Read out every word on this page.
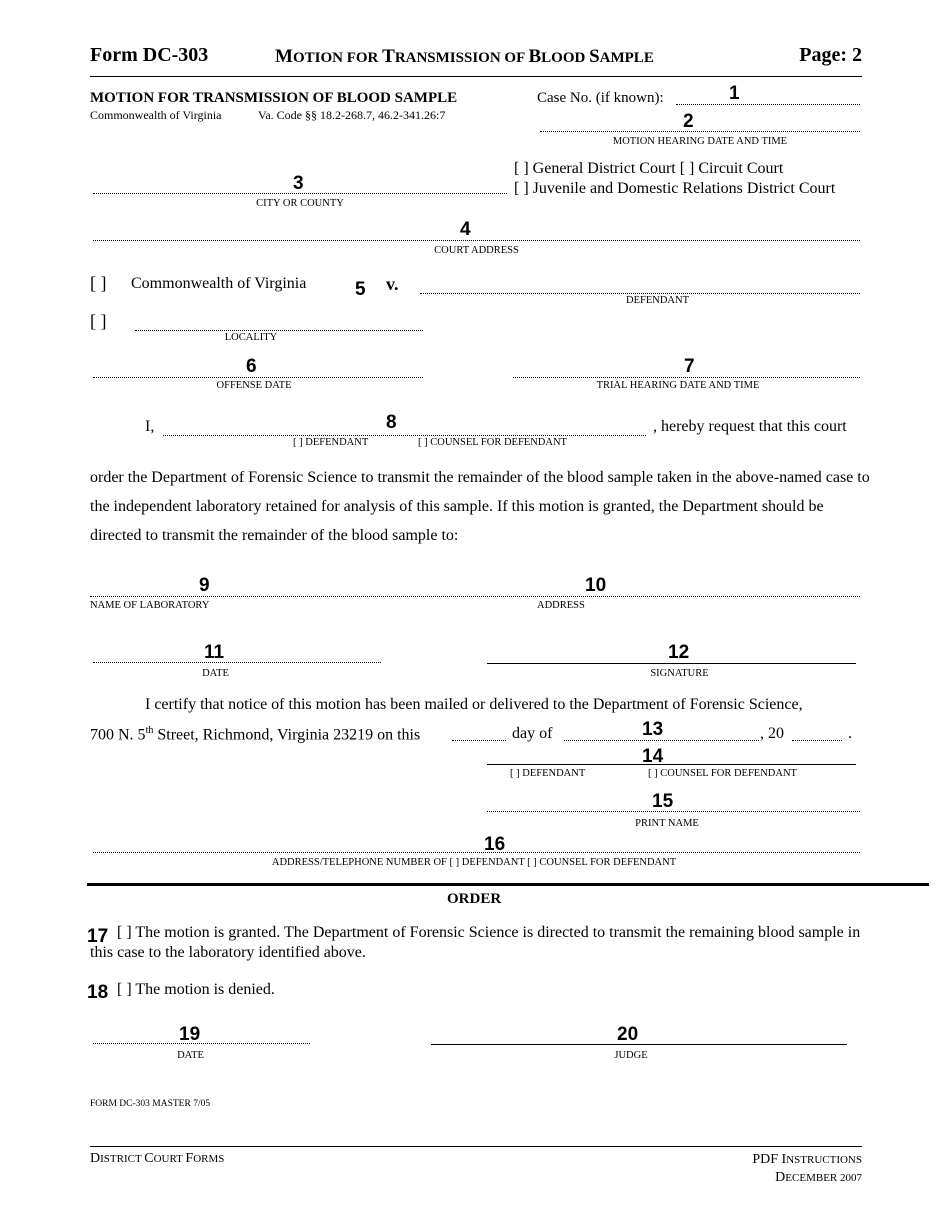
Form DC-303	MOTION FOR TRANSMISSION OF BLOOD SAMPLE	Page: 2
MOTION FOR TRANSMISSION OF BLOOD SAMPLE
Commonwealth of Virginia	Va. Code §§ 18.2-268.7, 46.2-341.26:7
Case No. (if known):	1
2
MOTION HEARING DATE AND TIME
[ ] General District Court [ ] Circuit Court
[ ] Juvenile and Domestic Relations District Court
3
CITY OR COUNTY
4
COURT ADDRESS
[ ] Commonwealth of Virginia	5 v.
DEFENDANT
[ ]
LOCALITY
6
OFFENSE DATE
7
TRIAL HEARING DATE AND TIME
I,	8
[ ] DEFENDANT	[ ] COUNSEL FOR DEFENDANT
, hereby request that this court
order the Department of Forensic Science to transmit the remainder of the blood sample taken in the above-named case to the independent laboratory retained for analysis of this sample. If this motion is granted, the Department should be directed to transmit the remainder of the blood sample to:
9	10
NAME OF LABORATORY	ADDRESS
11
DATE
12
SIGNATURE
I certify that notice of this motion has been mailed or delivered to the Department of Forensic Science,
700 N. 5th Street, Richmond, Virginia 23219 on this	day of	13	, 20	.
14
[ ] DEFENDANT	[ ] COUNSEL FOR DEFENDANT
15
PRINT NAME
16
ADDRESS/TELEPHONE NUMBER OF [ ] DEFENDANT [ ] COUNSEL FOR DEFENDANT
ORDER
17 [ ] The motion is granted. The Department of Forensic Science is directed to transmit the remaining blood sample in this case to the laboratory identified above.
18 [ ] The motion is denied.
19
DATE
20
JUDGE
FORM DC-303 MASTER 7/05
DISTRICT COURT FORMS	PDF INSTRUCTIONS
DECEMBER 2007
